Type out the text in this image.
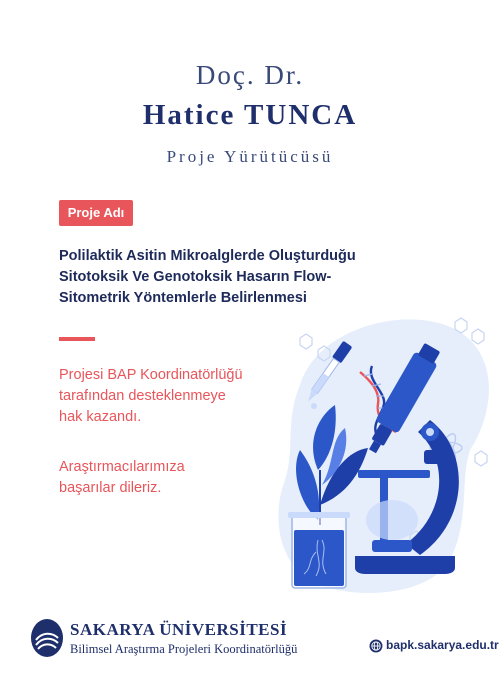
Doç. Dr.
Hatice TUNCA
Proje Yürütücüsü
Proje Adı
Polilaktik Asitin Mikroalglerde Oluşturduğu
Sitotoksik Ve Genotoksik Hasarın Flow-
Sitometrik Yöntemlerle Belirlenmesi
Projesi BAP Koordinatörlüğü
tarafından desteklenmeye
hak kazandı.
Araştırmacılarımıza
başarılar dileriz.
SAKARYA ÜNİVERSİTESİ
Bilimsel Araştırma Projeleri Koordinatörlüğü	bapk.sakarya.edu.tr
